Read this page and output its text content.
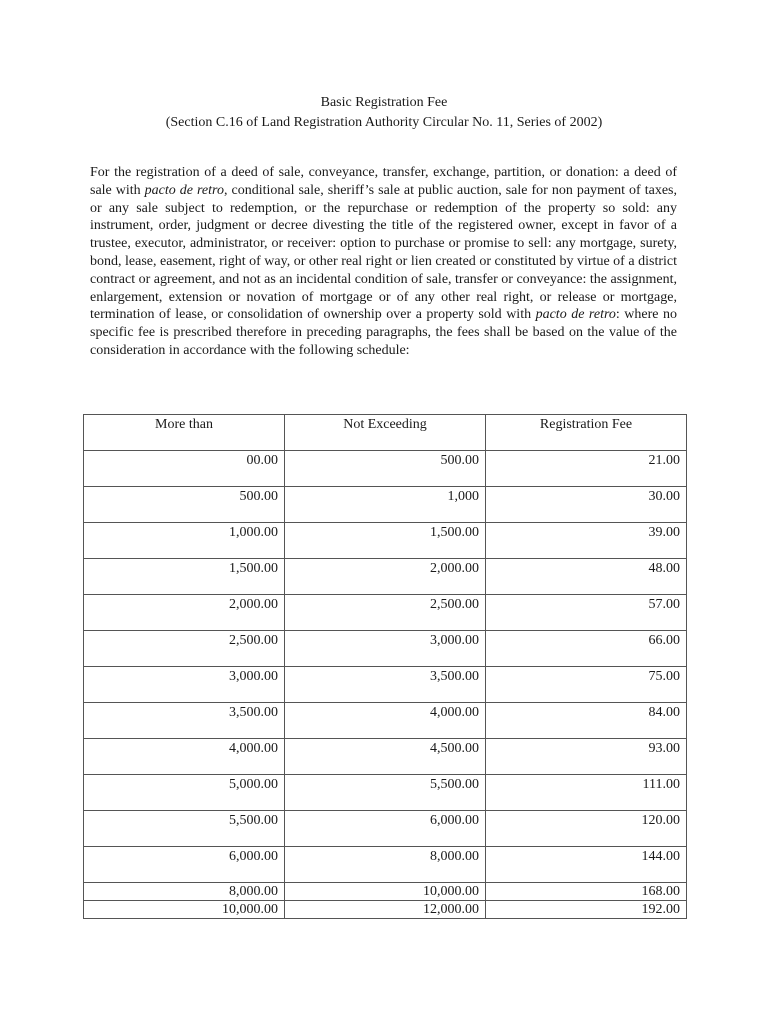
Basic Registration Fee
(Section C.16 of Land Registration Authority Circular No. 11, Series of 2002)

For the registration of a deed of sale, conveyance, transfer, exchange, partition, or donation: a deed of sale with pacto de retro, conditional sale, sheriff’s sale at public auction, sale for non payment of taxes, or any sale subject to redemption, or the repurchase or redemption of the property so sold: any instrument, order, judgment or decree divesting the title of the registered owner, except in favor of a trustee, executor, administrator, or receiver: option to purchase or promise to sell: any mortgage, surety, bond, lease, easement, right of way, or other real right or lien created or constituted by virtue of a district contract or agreement, and not as an incidental condition of sale, transfer or conveyance: the assignment, enlargement, extension or novation of mortgage or of any other real right, or release or mortgage, termination of lease, or consolidation of ownership over a property sold with pacto de retro: where no specific fee is prescribed therefore in preceding paragraphs, the fees shall be based on the value of the consideration in accordance with the following schedule:

More than	Not Exceeding	Registration Fee
00.00	500.00	21.00
500.00	1,000	30.00
1,000.00	1,500.00	39.00
1,500.00	2,000.00	48.00
2,000.00	2,500.00	57.00
2,500.00	3,000.00	66.00
3,000.00	3,500.00	75.00
3,500.00	4,000.00	84.00
4,000.00	4,500.00	93.00
5,000.00	5,500.00	111.00
5,500.00	6,000.00	120.00
6,000.00	8,000.00	144.00
8,000.00	10,000.00	168.00
10,000.00	12,000.00	192.00
